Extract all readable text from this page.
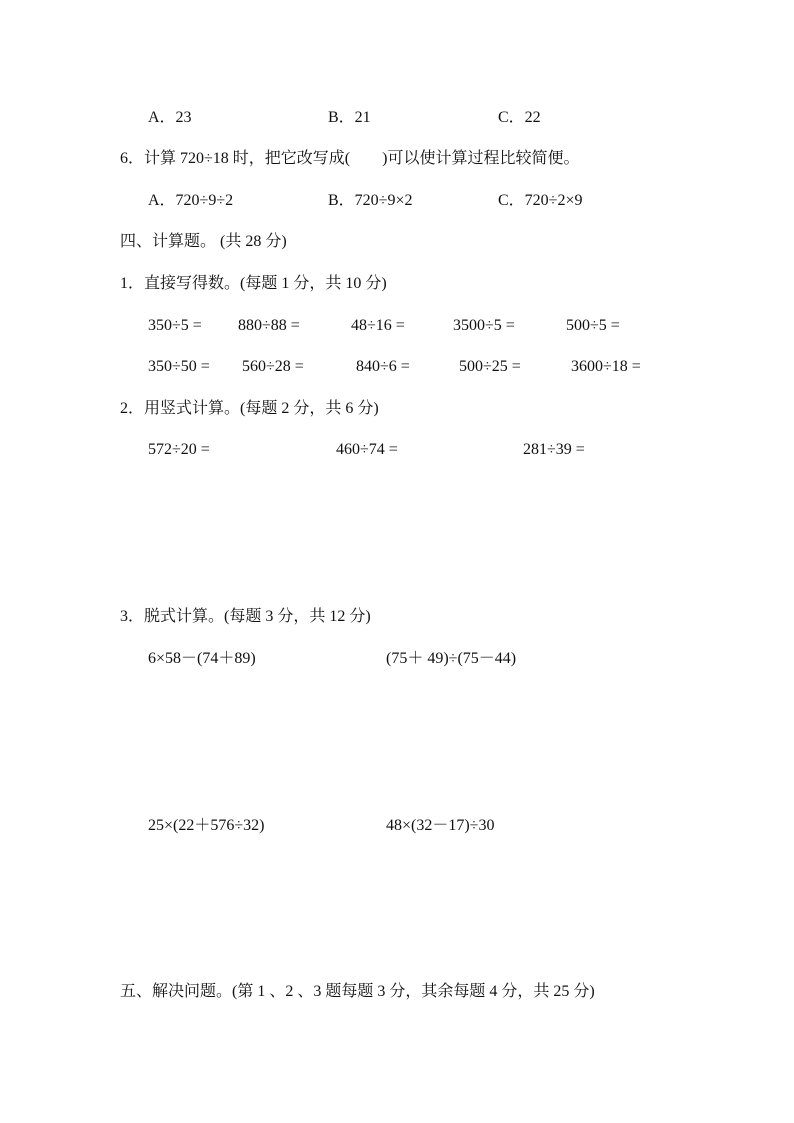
A．23	B．21	C．22
6．计算 720÷18 时，把它改写成(　　)可以使计算过程比较简便。
A．720÷9÷2	B．720÷9×2	C．720÷2×9
四、计算题。 (共 28 分)
1．直接写得数。(每题 1 分，共 10 分)
350÷5 = 880÷88 =	48÷16 =	3500÷5 =	500÷5 =
350÷50 = 560÷28 =	840÷6 =	500÷25 =	3600÷18 =
2．用竖式计算。(每题 2 分，共 6 分)
572÷20 =	460÷74 =	281÷39 =
3．脱式计算。(每题 3 分，共 12 分)
6×58－(74＋89)	(75＋ 49)÷(75－44)
25×(22＋576÷32)	48×(32－17)÷30
五、解决问题。(第 1 、2 、3 题每题 3 分，其余每题 4 分，共 25 分)
